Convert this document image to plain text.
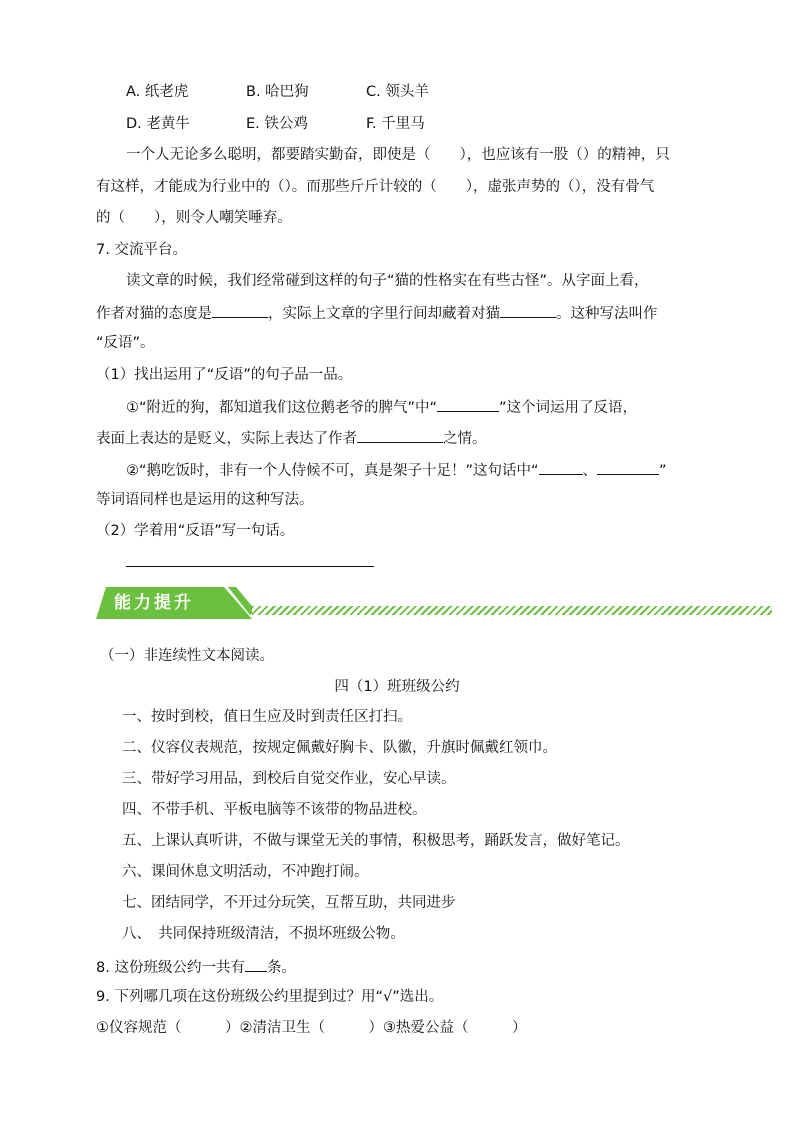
A. 纸老虎	B. 哈巴狗	C. 领头羊
D. 老黄牛	E. 铁公鸡	F. 千里马
一个人无论多么聪明，都要踏实勤奋，即使是（　　），也应该有一股（）的精神，只
有这样，才能成为行业中的（）。而那些斤斤计较的（　　），虚张声势的（），没有骨气
的（　　），则令人嘲笑唾弃。
7. 交流平台。
读文章的时候，我们经常碰到这样的句子“猫的性格实在有些古怪”。从字面上看，
作者对猫的态度是	，实际上文章的字里行间却藏着对猫	。这种写法叫作
“反语”。
（1）找出运用了“反语”的句子品一品。
①“附近的狗，都知道我们这位鹅老爷的脾气”中“	”这个词运用了反语，
表面上表达的是贬义，实际上表达了作者	之情。
②“鹅吃饭时，非有一个人侍候不可，真是架子十足！”这句话中“	、	”
等词语同样也是运用的这种写法。
（2）学着用“反语”写一句话。
能力提升
（一）非连续性文本阅读。
四（1）班班级公约
一、按时到校，值日生应及时到责任区打扫。
二、仪容仪表规范，按规定佩戴好胸卡、队徽，升旗时佩戴红领巾。
三、带好学习用品，到校后自觉交作业，安心早读。
四、不带手机、平板电脑等不该带的物品进校。
五、上课认真听讲，不做与课堂无关的事情，积极思考，踊跃发言，做好笔记。
六、课间休息文明活动，不冲跑打闹。
七、团结同学，不开过分玩笑，互帮互助，共同进步
八、　共同保持班级清洁，不损坏班级公物。
8. 这份班级公约一共有 条。
9. 下列哪几项在这份班级公约里提到过？用“√”选出。
①仪容规范（　　　）②清洁卫生（　　　）③热爱公益（　　　）
